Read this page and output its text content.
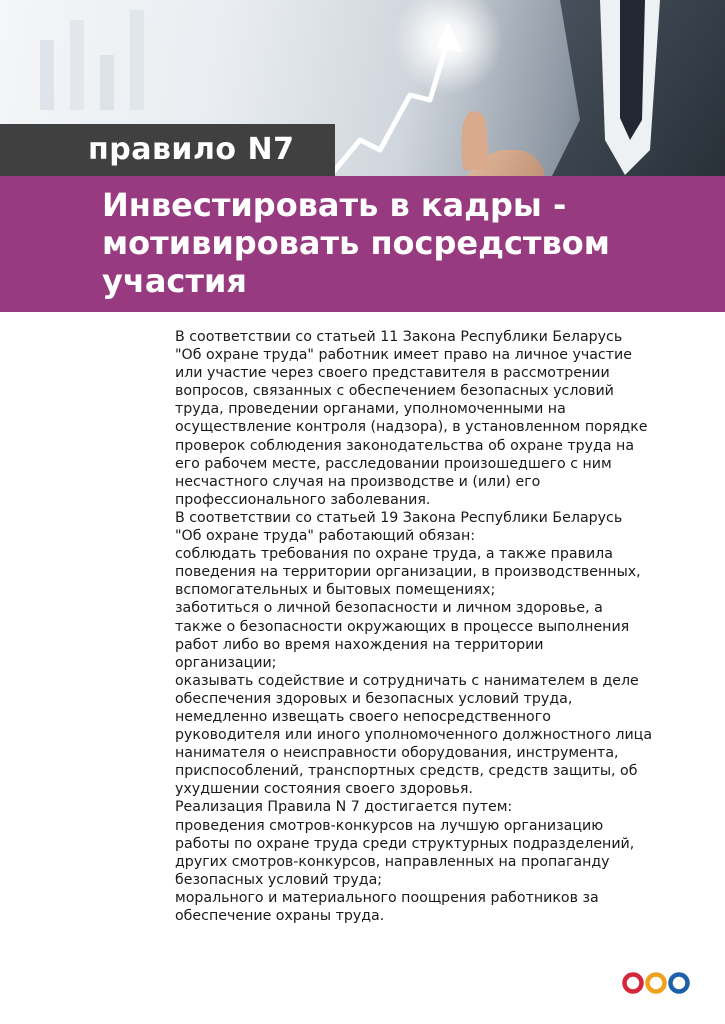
правило N7
Инвестировать в кадры -
мотивировать посредством
участия
В соответствии со статьей 11 Закона Республики Беларусь
"Об охране труда" работник имеет право на личное участие
или участие через своего представителя в рассмотрении
вопросов, связанных с обеспечением безопасных условий
труда, проведении органами, уполномоченными на
осуществление контроля (надзора), в установленном порядке
проверок соблюдения законодательства об охране труда на
его рабочем месте, расследовании произошедшего с ним
несчастного случая на производстве и (или) его
профессионального заболевания.
В соответствии со статьей 19 Закона Республики Беларусь
"Об охране труда" работающий обязан:
соблюдать требования по охране труда, а также правила
поведения на территории организации, в производственных,
вспомогательных и бытовых помещениях;
заботиться о личной безопасности и личном здоровье, а
также о безопасности окружающих в процессе выполнения
работ либо во время нахождения на территории
организации;
оказывать содействие и сотрудничать с нанимателем в деле
обеспечения здоровых и безопасных условий труда,
немедленно извещать своего непосредственного
руководителя или иного уполномоченного должностного лица
нанимателя о неисправности оборудования, инструмента,
приспособлений, транспортных средств, средств защиты, об
ухудшении состояния своего здоровья.
Реализация Правила N 7 достигается путем:
проведения смотров-конкурсов на лучшую организацию
работы по охране труда среди структурных подразделений,
других смотров-конкурсов, направленных на пропаганду
безопасных условий труда;
морального и материального поощрения работников за
обеспечение охраны труда.
